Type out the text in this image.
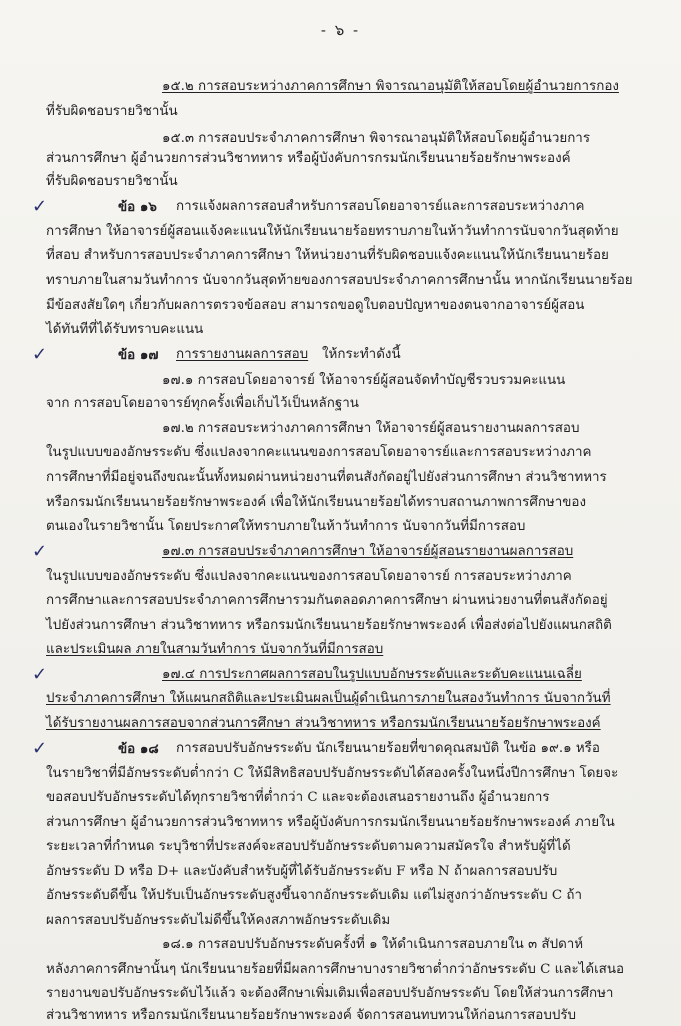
- ๖ -
๑๕.๒ การสอบระหว่างภาคการศึกษา พิจารณาอนุมัติให้สอบโดยผู้อำนวยการกอง
ที่รับผิดชอบรายวิชานั้น
๑๕.๓ การสอบประจำภาคการศึกษา พิจารณาอนุมัติให้สอบโดยผู้อำนวยการ
ส่วนการศึกษา ผู้อำนวยการส่วนวิชาทหาร หรือผู้บังคับการกรมนักเรียนนายร้อยรักษาพระองค์
ที่รับผิดชอบรายวิชานั้น
ข้อ ๑๖ การแจ้งผลการสอบสำหรับการสอบโดยอาจารย์และการสอบระหว่างภาค
การศึกษา ให้อาจารย์ผู้สอนแจ้งคะแนนให้นักเรียนนายร้อยทราบภายในห้าวันทำการนับจากวันสุดท้าย
ที่สอบ สำหรับการสอบประจำภาคการศึกษา ให้หน่วยงานที่รับผิดชอบแจ้งคะแนนให้นักเรียนนายร้อย
ทราบภายในสามวันทำการ นับจากวันสุดท้ายของการสอบประจำภาคการศึกษานั้น หากนักเรียนนายร้อย
มีข้อสงสัยใดๆ เกี่ยวกับผลการตรวจข้อสอบ สามารถขอดูใบตอบปัญหาของตนจากอาจารย์ผู้สอน
ได้ทันทีที่ได้รับทราบคะแนน
ข้อ ๑๗ การรายงานผลการสอบ ให้กระทำดังนี้
๑๗.๑ การสอบโดยอาจารย์ ให้อาจารย์ผู้สอนจัดทำบัญชีรวบรวมคะแนน
จาก การสอบโดยอาจารย์ทุกครั้งเพื่อเก็บไว้เป็นหลักฐาน
๑๗.๒ การสอบระหว่างภาคการศึกษา ให้อาจารย์ผู้สอนรายงานผลการสอบ
ในรูปแบบของอักษรระดับ ซึ่งแปลงจากคะแนนของการสอบโดยอาจารย์และการสอบระหว่างภาค
การศึกษาที่มีอยู่จนถึงขณะนั้นทั้งหมดผ่านหน่วยงานที่ตนสังกัดอยู่ไปยังส่วนการศึกษา ส่วนวิชาทหาร
หรือกรมนักเรียนนายร้อยรักษาพระองค์ เพื่อให้นักเรียนนายร้อยได้ทราบสถานภาพการศึกษาของ
ตนเองในรายวิชานั้น โดยประกาศให้ทราบภายในห้าวันทำการ นับจากวันที่มีการสอบ
๑๗.๓ การสอบประจำภาคการศึกษา ให้อาจารย์ผู้สอนรายงานผลการสอบ
ในรูปแบบของอักษรระดับ ซึ่งแปลงจากคะแนนของการสอบโดยอาจารย์ การสอบระหว่างภาค
การศึกษาและการสอบประจำภาคการศึกษารวมกันตลอดภาคการศึกษา ผ่านหน่วยงานที่ตนสังกัดอยู่
ไปยังส่วนการศึกษา ส่วนวิชาทหาร หรือกรมนักเรียนนายร้อยรักษาพระองค์ เพื่อส่งต่อไปยังแผนกสถิติ
และประเมินผล ภายในสามวันทำการ นับจากวันที่มีการสอบ
๑๗.๔ การประกาศผลการสอบในรูปแบบอักษรระดับและระดับคะแนนเฉลี่ย
ประจำภาคการศึกษา ให้แผนกสถิติและประเมินผลเป็นผู้ดำเนินการภายในสองวันทำการ นับจากวันที่
ได้รับรายงานผลการสอบจากส่วนการศึกษา ส่วนวิชาทหาร หรือกรมนักเรียนนายร้อยรักษาพระองค์
ข้อ ๑๘ การสอบปรับอักษรระดับ นักเรียนนายร้อยที่ขาดคุณสมบัติ ในข้อ ๑๙.๑ หรือ
ในรายวิชาที่มีอักษรระดับต่ำกว่า C ให้มีสิทธิสอบปรับอักษรระดับได้สองครั้งในหนึ่งปีการศึกษา โดยจะ
ขอสอบปรับอักษรระดับได้ทุกรายวิชาที่ต่ำกว่า C และจะต้องเสนอรายงานถึง ผู้อำนวยการ
ส่วนการศึกษา ผู้อำนวยการส่วนวิชาทหาร หรือผู้บังคับการกรมนักเรียนนายร้อยรักษาพระองค์ ภายใน
ระยะเวลาที่กำหนด ระบุวิชาที่ประสงค์จะสอบปรับอักษรระดับตามความสมัครใจ สำหรับผู้ที่ได้
อักษรระดับ D หรือ D+ และบังคับสำหรับผู้ที่ได้รับอักษรระดับ F หรือ N ถ้าผลการสอบปรับ
อักษรระดับดีขึ้น ให้ปรับเป็นอักษรระดับสูงขึ้นจากอักษรระดับเดิม แต่ไม่สูงกว่าอักษรระดับ C ถ้า
ผลการสอบปรับอักษรระดับไม่ดีขึ้นให้คงสภาพอักษรระดับเดิม
๑๘.๑ การสอบปรับอักษรระดับครั้งที่ ๑ ให้ดำเนินการสอบภายใน ๓ สัปดาห์
หลังภาคการศึกษานั้นๆ นักเรียนนายร้อยที่มีผลการศึกษาบางรายวิชาต่ำกว่าอักษรระดับ C และได้เสนอ
รายงานขอปรับอักษรระดับไว้แล้ว จะต้องศึกษาเพิ่มเติมเพื่อสอบปรับอักษรระดับ โดยให้ส่วนการศึกษา
ส่วนวิชาทหาร หรือกรมนักเรียนนายร้อยรักษาพระองค์ จัดการสอนทบทวนให้ก่อนการสอบปรับ
✓
✓
✓
✓
✓
